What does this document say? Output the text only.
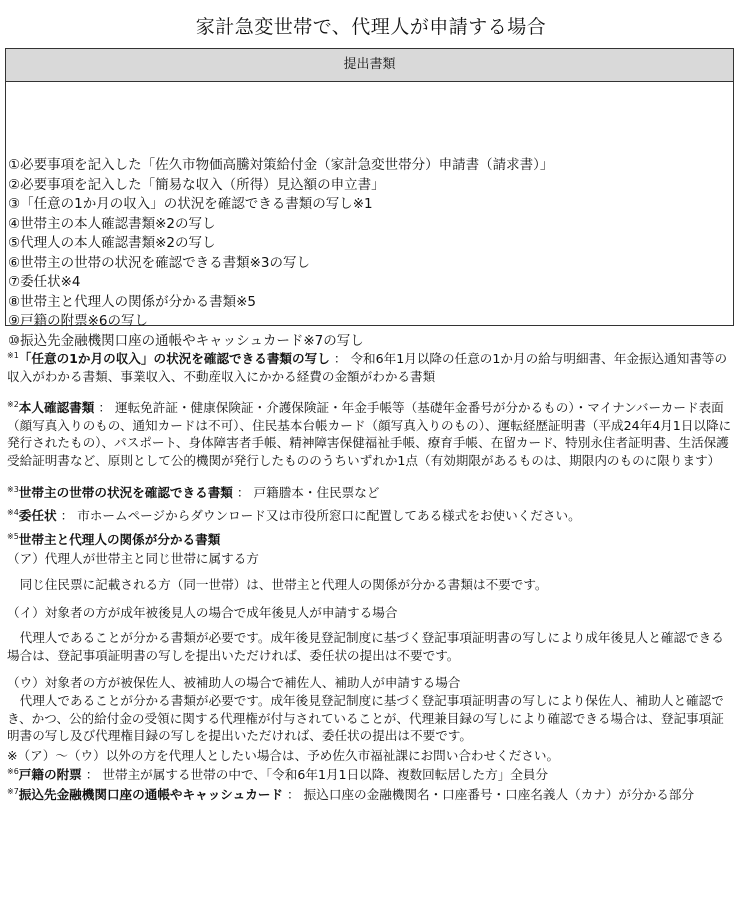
家計急変世帯で、代理人が申請する場合
提出書類
①必要事項を記入した「佐久市物価高騰対策給付金（家計急変世帯分）申請書（請求書）」
②必要事項を記入した「簡易な収入（所得）見込額の申立書」
③「任意の1か月の収入」の状況を確認できる書類の写し※1
④世帯主の本人確認書類※2の写し
⑤代理人の本人確認書類※2の写し
⑥世帯主の世帯の状況を確認できる書類※3の写し
⑦委任状※4
⑧世帯主と代理人の関係が分かる書類※5
⑨戸籍の附票※6の写し
⑩振込先金融機関口座の通帳やキャッシュカード※7の写し

$^{※1}$「任意の1か月の収入」の状況を確認できる書類の写し ： 令和6年1月以降の任意の1か月の給与明細書、年金振込通知書等の収入がわかる書類、事業収入、不動産収入にかかる経費の金額がわかる書類

$^{※2}$本人確認書類 ： 運転免許証・健康保険証・介護保険証・年金手帳等（基礎年金番号が分かるもの）・マイナンバーカード表面（顔写真入りのもの、通知カードは不可）、住民基本台帳カード（顔写真入りのもの）、運転経歴証明書（平成24年4月1日以降に発行されたもの）、パスポート、身体障害者手帳、精神障害保健福祉手帳、療育手帳、在留カード、特別永住者証明書、生活保護受給証明書など、原則として公的機関が発行したもののうちいずれか1点（有効期限があるものは、期限内のものに限ります）

$^{※3}$世帯主の世帯の状況を確認できる書類 ： 戸籍謄本・住民票など

$^{※4}$委任状 ： 市ホームページからダウンロード又は市役所窓口に配置してある様式をお使いください。

$^{※5}$世帯主と代理人の関係が分かる書類

（ア）代理人が世帯主と同じ世帯に属する方

同じ住民票に記載される方（同一世帯）は、世帯主と代理人の関係が分かる書類は不要です。

（イ）対象者の方が成年被後見人の場合で成年後見人が申請する場合

代理人であることが分かる書類が必要です。成年後見登記制度に基づく登記事項証明書の写しにより成年後見人と確認できる場合は、登記事項証明書の写しを提出いただければ、委任状の提出は不要です。

（ウ）対象者の方が被保佐人、被補助人の場合で補佐人、補助人が申請する場合

代理人であることが分かる書類が必要です。成年後見登記制度に基づく登記事項証明書の写しにより保佐人、補助人と確認でき、かつ、公的給付金の受領に関する代理権が付与されていることが、代理兼目録の写しにより確認できる場合は、登記事項証明書の写し及び代理権目録の写しを提出いただければ、委任状の提出は不要です。

※（ア）～（ウ）以外の方を代理人としたい場合は、予め佐久市福祉課にお問い合わせください。

$^{※6}$戸籍の附票 ： 世帯主が属する世帯の中で、「令和6年1月1日以降、複数回転居した方」全員分

$^{※7}$振込先金融機関口座の通帳やキャッシュカード ： 振込口座の金融機関名・口座番号・口座名義人（カナ）が分かる部分
